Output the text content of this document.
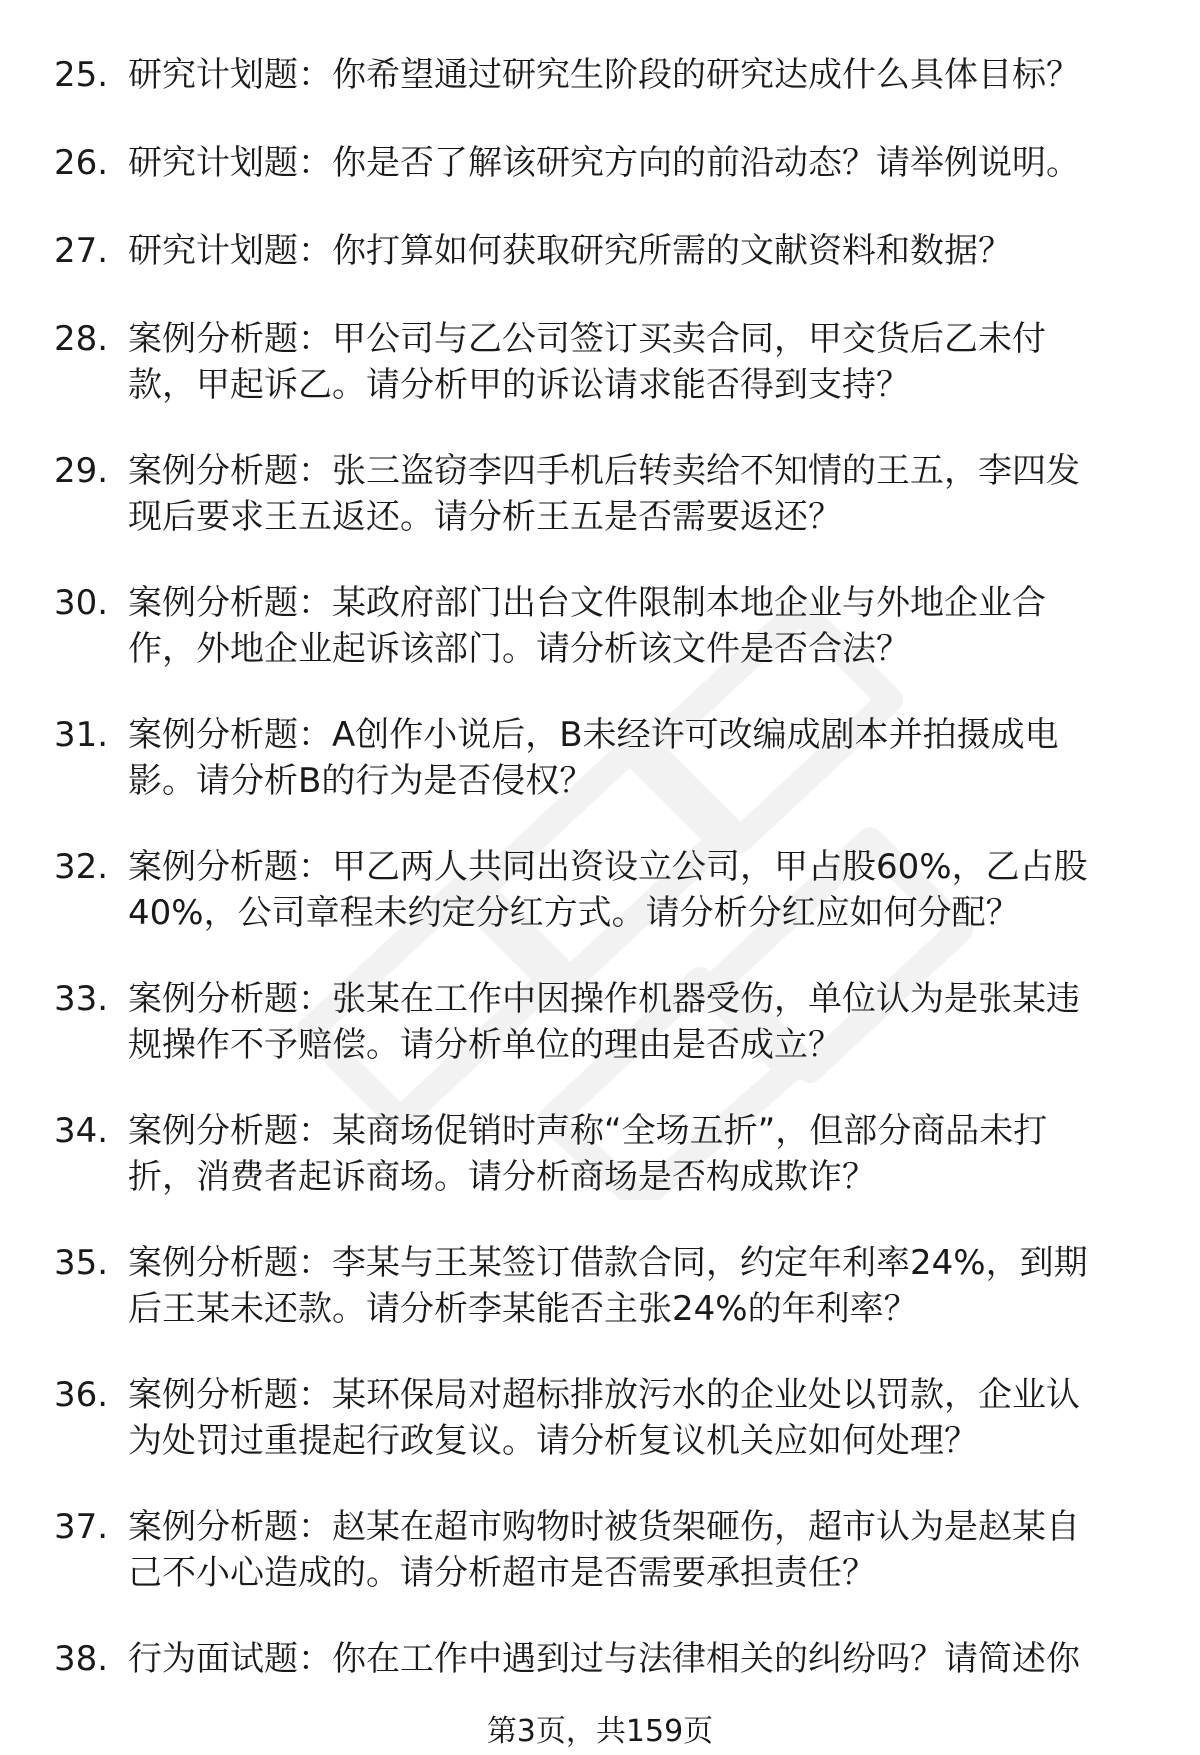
25. 研究计划题：你希望通过研究生阶段的研究达成什么具体目标？
26. 研究计划题：你是否了解该研究方向的前沿动态？请举例说明。
27. 研究计划题：你打算如何获取研究所需的文献资料和数据？
28. 案例分析题：甲公司与乙公司签订买卖合同，甲交货后乙未付
款，甲起诉乙。请分析甲的诉讼请求能否得到支持？
29. 案例分析题：张三盗窃李四手机后转卖给不知情的王五，李四发
现后要求王五返还。请分析王五是否需要返还？
30. 案例分析题：某政府部门出台文件限制本地企业与外地企业合
作，外地企业起诉该部门。请分析该文件是否合法？
31. 案例分析题：A创作小说后，B未经许可改编成剧本并拍摄成电
影。请分析B的行为是否侵权？
32. 案例分析题：甲乙两人共同出资设立公司，甲占股60%，乙占股
40%，公司章程未约定分红方式。请分析分红应如何分配？
33. 案例分析题：张某在工作中因操作机器受伤，单位认为是张某违
规操作不予赔偿。请分析单位的理由是否成立？
34. 案例分析题：某商场促销时声称“全场五折”，但部分商品未打
折，消费者起诉商场。请分析商场是否构成欺诈？
35. 案例分析题：李某与王某签订借款合同，约定年利率24%，到期
后王某未还款。请分析李某能否主张24%的年利率？
36. 案例分析题：某环保局对超标排放污水的企业处以罚款，企业认
为处罚过重提起行政复议。请分析复议机关应如何处理？
37. 案例分析题：赵某在超市购物时被货架砸伤，超市认为是赵某自
己不小心造成的。请分析超市是否需要承担责任？
38. 行为面试题：你在工作中遇到过与法律相关的纠纷吗？请简述你
第3页，共159页
